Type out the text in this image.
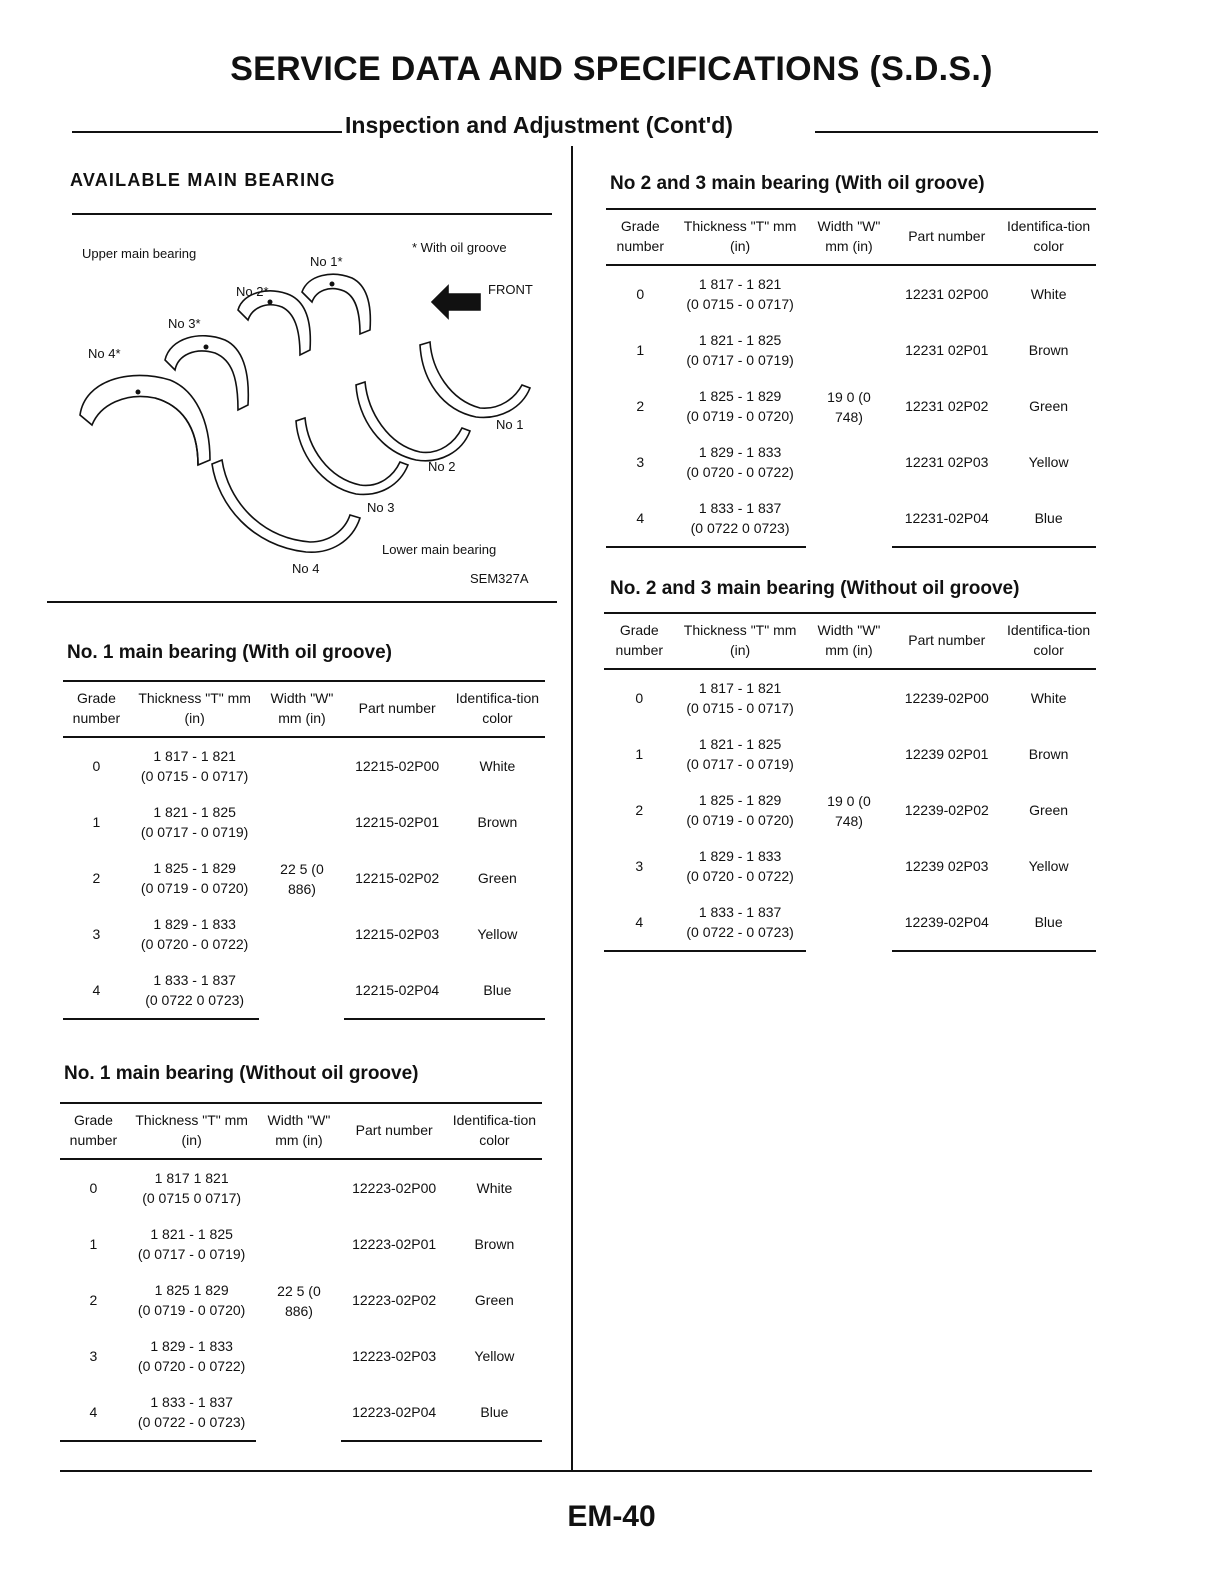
SERVICE DATA AND SPECIFICATIONS (S.D.S.)
Inspection and Adjustment (Cont'd)
AVAILABLE MAIN BEARING
Upper main bearing	* With oil groove
FRONT
No 1*
No 2*
No 3*
No 4*
No 1
No 2
No 3
No 4
Lower main bearing
SEM327A
No. 1 main bearing (With oil groove)
Grade number	Thickness "T" mm (in)	Width "W" mm (in)	Part number	Identifica-tion color
0	1 817 - 1 821
(0 0715 - 0 0717)	22 5 (0 886)	12215-02P00	White
1	1 821 - 1 825
(0 0717 - 0 0719)		12215-02P01	Brown
2	1 825 - 1 829
(0 0719 - 0 0720)		12215-02P02	Green
3	1 829 - 1 833
(0 0720 - 0 0722)		12215-02P03	Yellow
4	1 833 - 1 837
(0 0722 0 0723)		12215-02P04	Blue
No. 1 main bearing (Without oil groove)
Grade number	Thickness "T" mm (in)	Width "W" mm (in)	Part number	Identifica-tion color
0	1 817 1 821
(0 0715 0 0717)	22 5 (0 886)	12223-02P00	White
1	1 821 - 1 825
(0 0717 - 0 0719)		12223-02P01	Brown
2	1 825 1 829
(0 0719 - 0 0720)		12223-02P02	Green
3	1 829 - 1 833
(0 0720 - 0 0722)		12223-02P03	Yellow
4	1 833 - 1 837
(0 0722 - 0 0723)		12223-02P04	Blue
No 2 and 3 main bearing (With oil groove)
Grade number	Thickness "T" mm (in)	Width "W" mm (in)	Part number	Identifica-tion color
0	1 817 - 1 821
(0 0715 - 0 0717)	19 0 (0 748)	12231 02P00	White
1	1 821 - 1 825
(0 0717 - 0 0719)		12231 02P01	Brown
2	1 825 - 1 829
(0 0719 - 0 0720)		12231 02P02	Green
3	1 829 - 1 833
(0 0720 - 0 0722)		12231 02P03	Yellow
4	1 833 - 1 837
(0 0722 0 0723)		12231-02P04	Blue
No. 2 and 3 main bearing (Without oil groove)
Grade number	Thickness "T" mm (in)	Width "W" mm (in)	Part number	Identifica-tion color
0	1 817 - 1 821
(0 0715 - 0 0717)	19 0 (0 748)	12239-02P00	White
1	1 821 - 1 825
(0 0717 - 0 0719)		12239 02P01	Brown
2	1 825 - 1 829
(0 0719 - 0 0720)		12239-02P02	Green
3	1 829 - 1 833
(0 0720 - 0 0722)		12239 02P03	Yellow
4	1 833 - 1 837
(0 0722 - 0 0723)		12239-02P04	Blue
EM-40
